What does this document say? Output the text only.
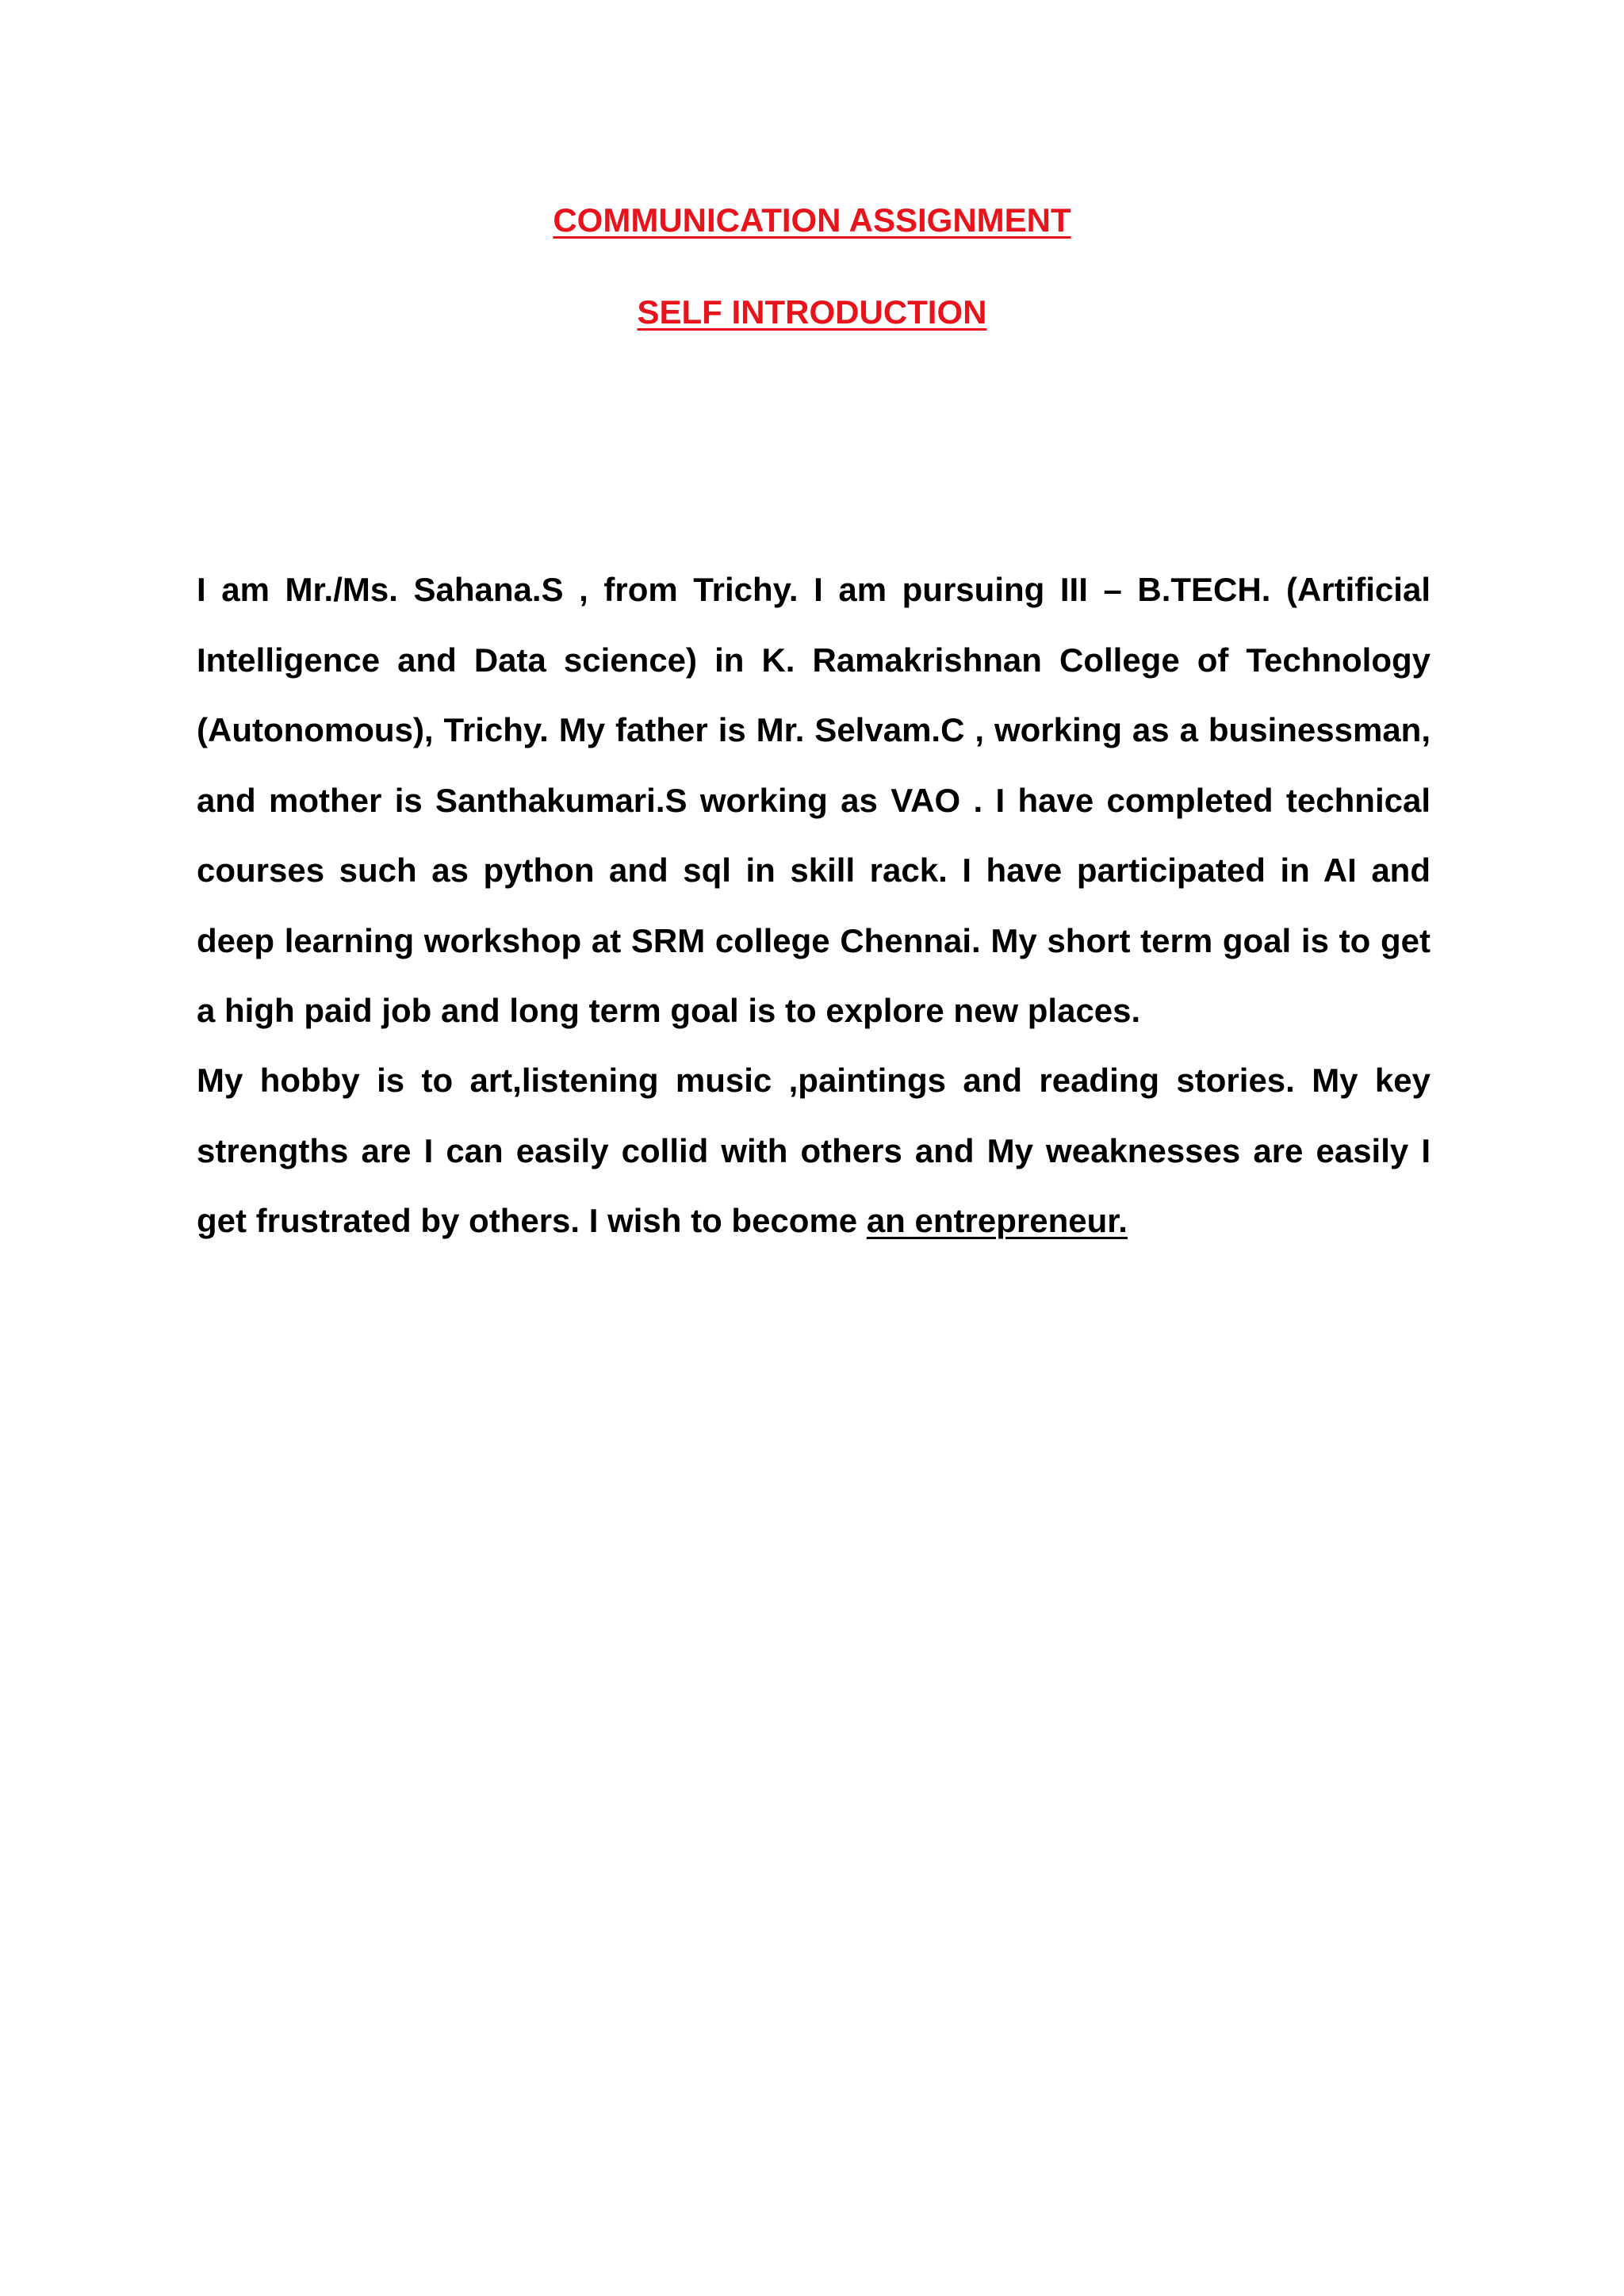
COMMUNICATION ASSIGNMENT
SELF INTRODUCTION
I am Mr./Ms. Sahana.S , from Trichy. I am pursuing III – B.TECH. (Artificial Intelligence and Data science) in K. Ramakrishnan College of Technology (Autonomous), Trichy. My father is Mr. Selvam.C , working as a businessman, and mother is Santhakumari.S working as VAO . I have completed technical courses such as python and sql in skill rack. I have participated in AI and deep learning workshop at SRM college Chennai. My short term goal is to get a high paid job and long term goal is to explore new places.
My hobby is to art,listening music ,paintings and reading stories. My key strengths are I can easily collid with others and My weaknesses are easily I get frustrated by others. I wish to become an entrepreneur.
